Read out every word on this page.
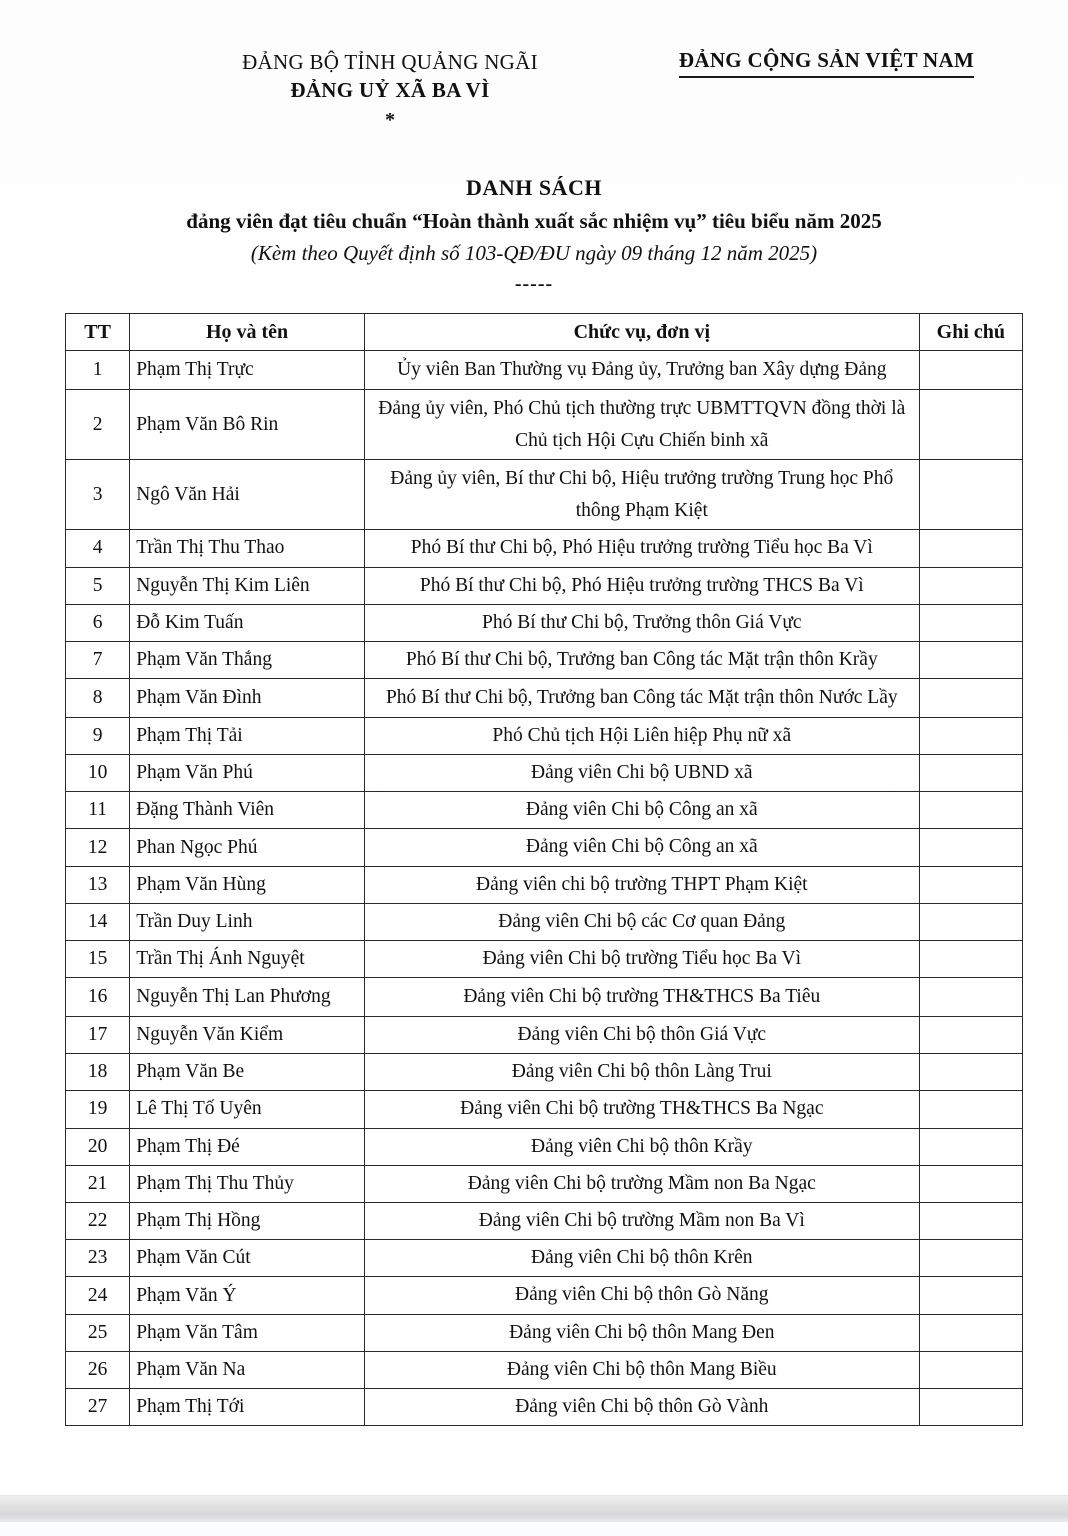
ĐẢNG BỘ TỈNH QUẢNG NGÃI
ĐẢNG UỶ XÃ BA VÌ
*
ĐẢNG CỘNG SẢN VIỆT NAM
DANH SÁCH
đảng viên đạt tiêu chuẩn “Hoàn thành xuất sắc nhiệm vụ” tiêu biểu năm 2025
(Kèm theo Quyết định số 103-QĐ/ĐU ngày 09 tháng 12 năm 2025)
-----
TT	Họ và tên	Chức vụ, đơn vị	Ghi chú
1	Phạm Thị Trực	Ủy viên Ban Thường vụ Đảng ủy, Trưởng ban Xây dựng Đảng	
2	Phạm Văn Bô Rin	Đảng ủy viên, Phó Chủ tịch thường trực UBMTTQVN đồng thời là Chủ tịch Hội Cựu Chiến binh xã	
3	Ngô Văn Hải	Đảng ủy viên, Bí thư Chi bộ, Hiệu trưởng trường Trung học Phổ thông Phạm Kiệt	
4	Trần Thị Thu Thao	Phó Bí thư Chi bộ, Phó Hiệu trưởng trường Tiểu học Ba Vì	
5	Nguyễn Thị Kim Liên	Phó Bí thư Chi bộ, Phó Hiệu trưởng trường THCS Ba Vì	
6	Đỗ Kim Tuấn	Phó Bí thư Chi bộ, Trưởng thôn Giá Vực	
7	Phạm Văn Thắng	Phó Bí thư Chi bộ, Trưởng ban Công tác Mặt trận thôn Krầy	
8	Phạm Văn Đình	Phó Bí thư Chi bộ, Trưởng ban Công tác Mặt trận thôn Nước Lầy	
9	Phạm Thị Tải	Phó Chủ tịch Hội Liên hiệp Phụ nữ xã	
10	Phạm Văn Phú	Đảng viên Chi bộ UBND xã	
11	Đặng Thành Viên	Đảng viên Chi bộ Công an xã	
12	Phan Ngọc Phú	Đảng viên Chi bộ Công an xã	
13	Phạm Văn Hùng	Đảng viên chi bộ trường THPT Phạm Kiệt	
14	Trần Duy Linh	Đảng viên Chi bộ các Cơ quan Đảng	
15	Trần Thị Ánh Nguyệt	Đảng viên Chi bộ trường Tiểu học Ba Vì	
16	Nguyễn Thị Lan Phương	Đảng viên Chi bộ trường TH&THCS Ba Tiêu	
17	Nguyễn Văn Kiểm	Đảng viên Chi bộ thôn Giá Vực	
18	Phạm Văn Be	Đảng viên Chi bộ thôn Làng Trui	
19	Lê Thị Tố Uyên	Đảng viên Chi bộ trường TH&THCS Ba Ngạc	
20	Phạm Thị Đé	Đảng viên Chi bộ thôn Krầy	
21	Phạm Thị Thu Thủy	Đảng viên Chi bộ trường Mầm non Ba Ngạc	
22	Phạm Thị Hồng	Đảng viên Chi bộ trường Mầm non Ba Vì	
23	Phạm Văn Cút	Đảng viên Chi bộ thôn Krên	
24	Phạm Văn Ý	Đảng viên Chi bộ thôn Gò Năng	
25	Phạm Văn Tâm	Đảng viên Chi bộ thôn Mang Đen	
26	Phạm Văn Na	Đảng viên Chi bộ thôn Mang Biều	
27	Phạm Thị Tới	Đảng viên Chi bộ thôn Gò Vành	
